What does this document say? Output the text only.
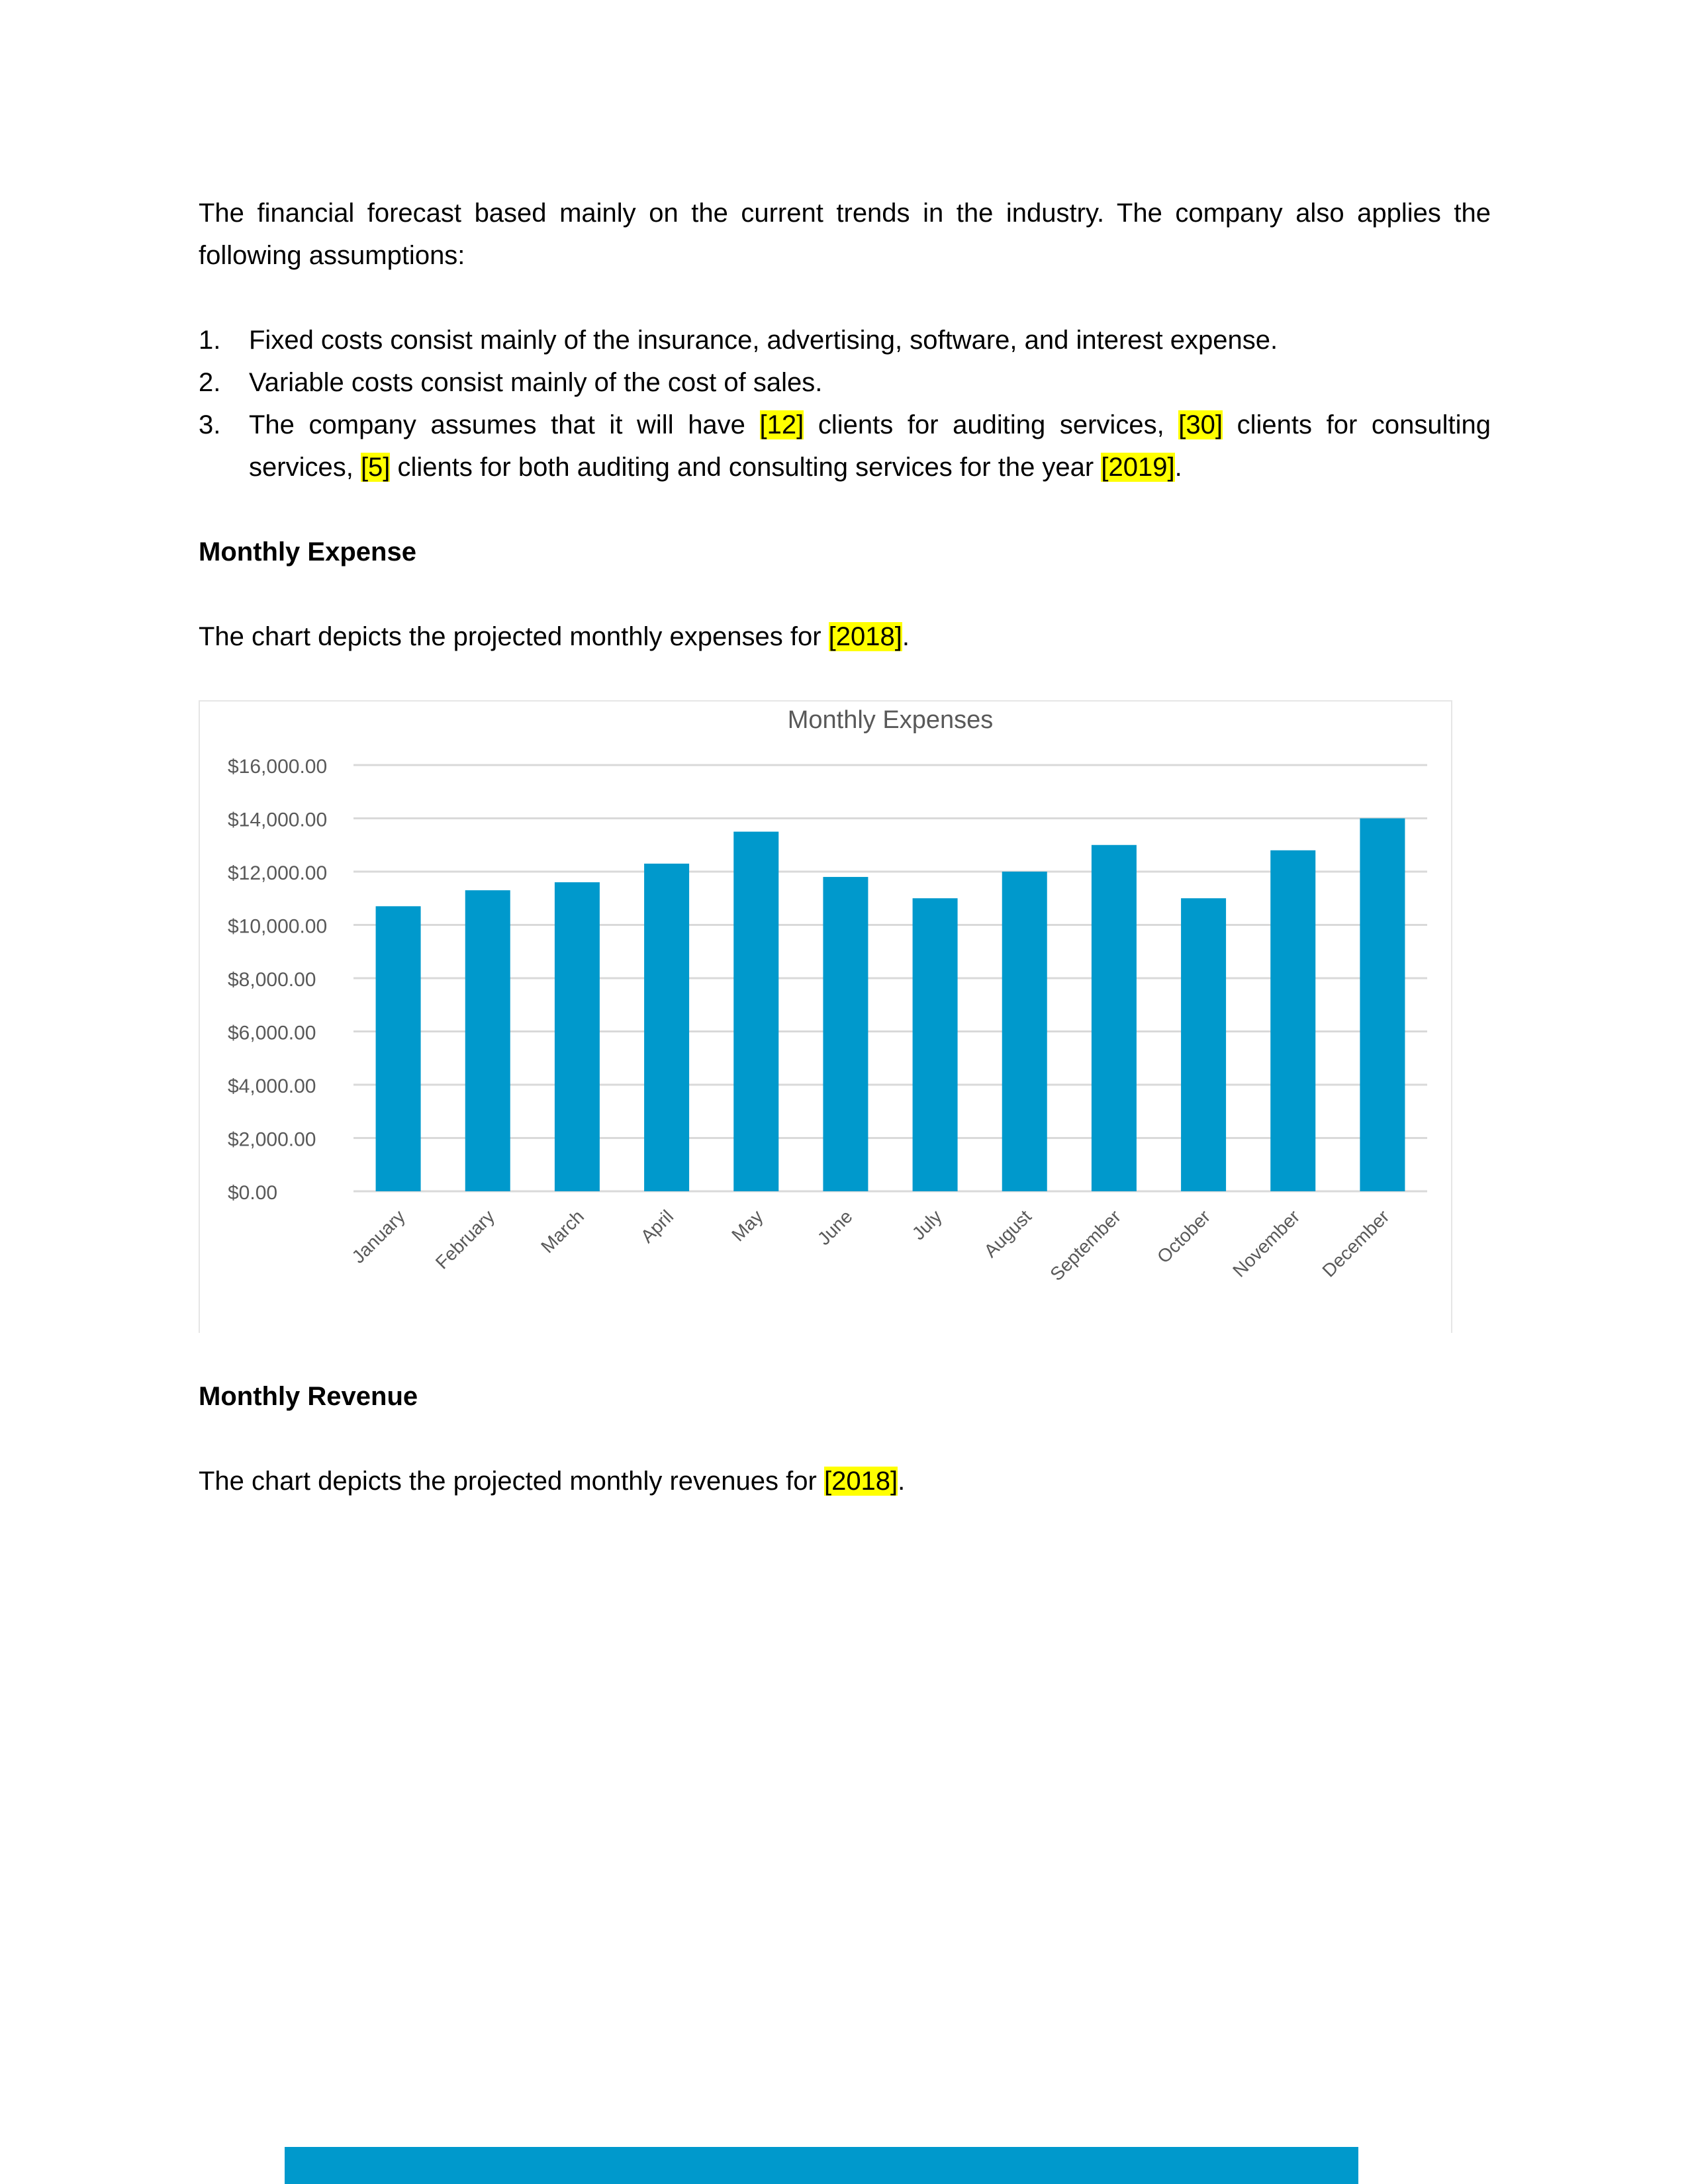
The financial forecast based mainly on the current trends in the industry. The company also applies the following assumptions:

1. Fixed costs consist mainly of the insurance, advertising, software, and interest expense.
2. Variable costs consist mainly of the cost of sales.
3. The company assumes that it will have [12] clients for auditing services, [30] clients for consulting services, [5] clients for both auditing and consulting services for the year [2019].
Monthly Expense

The chart depicts the projected monthly expenses for [2018].

Monthly Expenses
$0.00
$2,000.00
$4,000.00
$6,000.00
$8,000.00
$10,000.00
$12,000.00
$14,000.00
$16,000.00
January February March	April	May	June	July August September October November December
Monthly Revenue

The chart depicts the projected monthly revenues for [2018].
